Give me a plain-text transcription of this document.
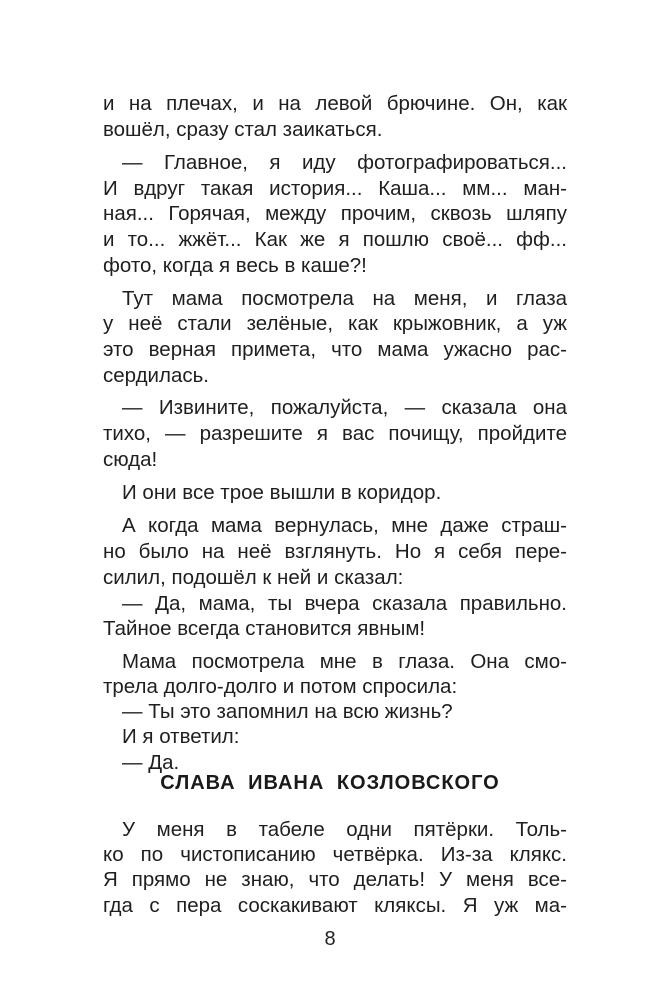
и на плечах, и на левой брючине. Он, как
вошёл, сразу стал заикаться.
— Главное, я иду фотографироваться...
И вдруг такая история... Каша... мм... ман-
ная... Горячая, между прочим, сквозь шляпу
и то... жжёт... Как же я пошлю своё... фф...
фото, когда я весь в каше?!
Тут мама посмотрела на меня, и глаза
у неё стали зелёные, как крыжовник, а уж
это верная примета, что мама ужасно рас-
сердилась.
— Извините, пожалуйста, — сказала она
тихо, — разрешите я вас почищу, пройдите
сюда!
И они все трое вышли в коридор.
А когда мама вернулась, мне даже страш-
но было на неё взглянуть. Но я себя пере-
силил, подошёл к ней и сказал:
— Да, мама, ты вчера сказала правильно.
Тайное всегда становится явным!
Мама посмотрела мне в глаза. Она смо-
трела долго-долго и потом спросила:
— Ты это запомнил на всю жизнь?
И я ответил:
— Да.
СЛАВА ИВАНА КОЗЛОВСКОГО
У меня в табеле одни пятёрки. Толь-
ко по чистописанию четвёрка. Из-за клякс.
Я прямо не знаю, что делать! У меня все-
гда с пера соскакивают кляксы. Я уж ма-
8
